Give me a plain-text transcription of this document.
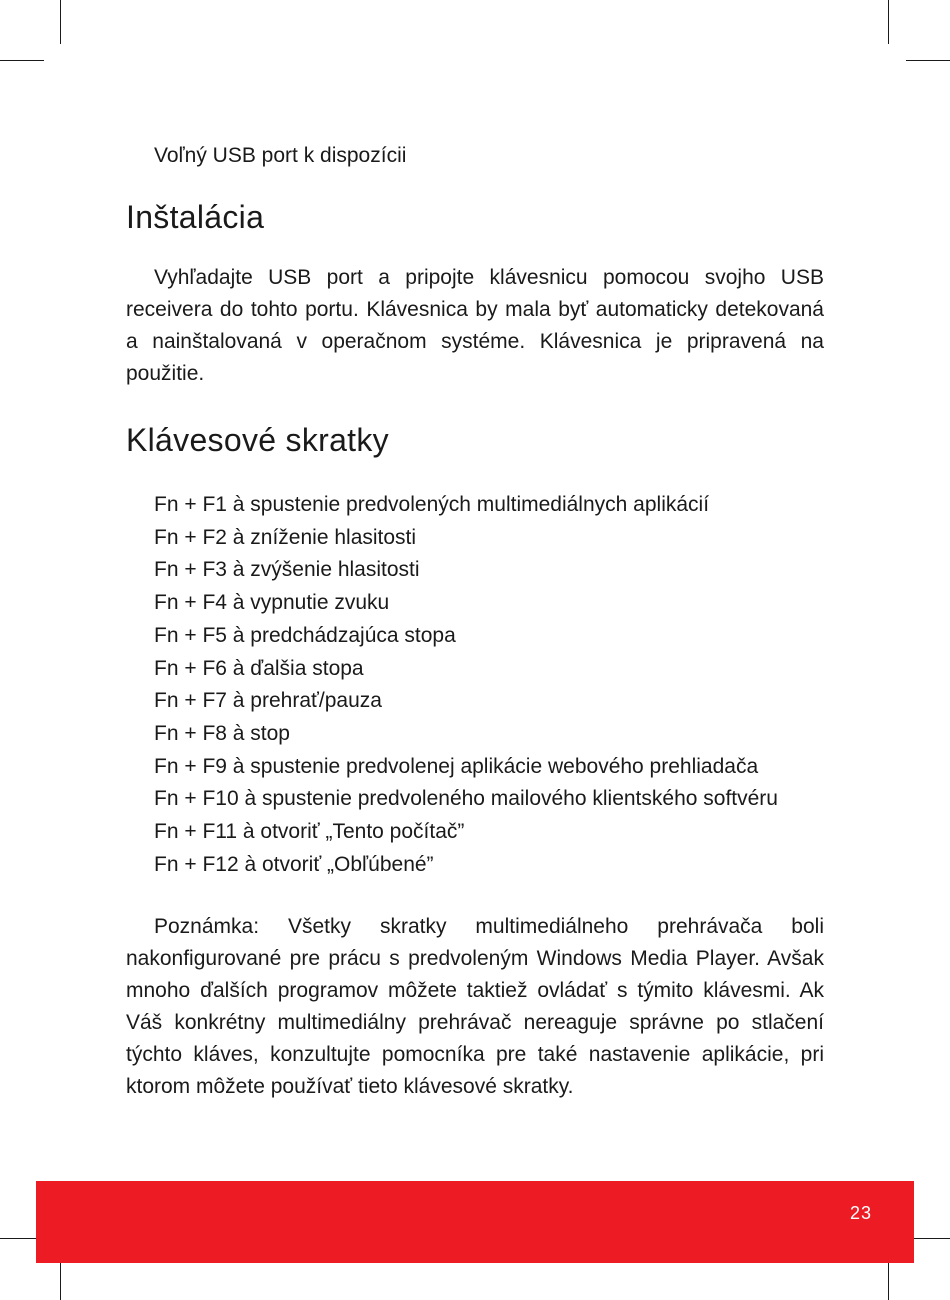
Voľný USB port k dispozícii

Inštalácia

Vyhľadajte USB port a pripojte klávesnicu pomocou svojho USB receivera do tohto portu. Klávesnica by mala byť automaticky detekovaná a nainštalovaná v operačnom systéme. Klávesnica je pripravená na použitie.

Klávesové skratky
Fn + F1 à spustenie predvolených multimediálnych aplikácií
Fn + F2 à zníženie hlasitosti
Fn + F3 à zvýšenie hlasitosti
Fn + F4 à vypnutie zvuku
Fn + F5 à predchádzajúca stopa
Fn + F6 à ďalšia stopa
Fn + F7 à prehrať/pauza
Fn + F8 à stop
Fn + F9 à spustenie predvolenej aplikácie webového prehliadača
Fn + F10 à spustenie predvoleného mailového klientského softvéru
Fn + F11 à otvoriť „Tento počítač”
Fn + F12 à otvoriť „Obľúbené”

Poznámka: Všetky skratky multimediálneho prehrávača boli nakonfigurované pre prácu s predvoleným Windows Media Player. Avšak mnoho ďalších programov môžete taktiež ovládať s týmito klávesmi. Ak Váš konkrétny multimediálny prehrávač nereaguje správne po stlačení týchto kláves, konzultujte pomocníka pre také nastavenie aplikácie, pri ktorom môžete používať tieto klávesové skratky.

23
